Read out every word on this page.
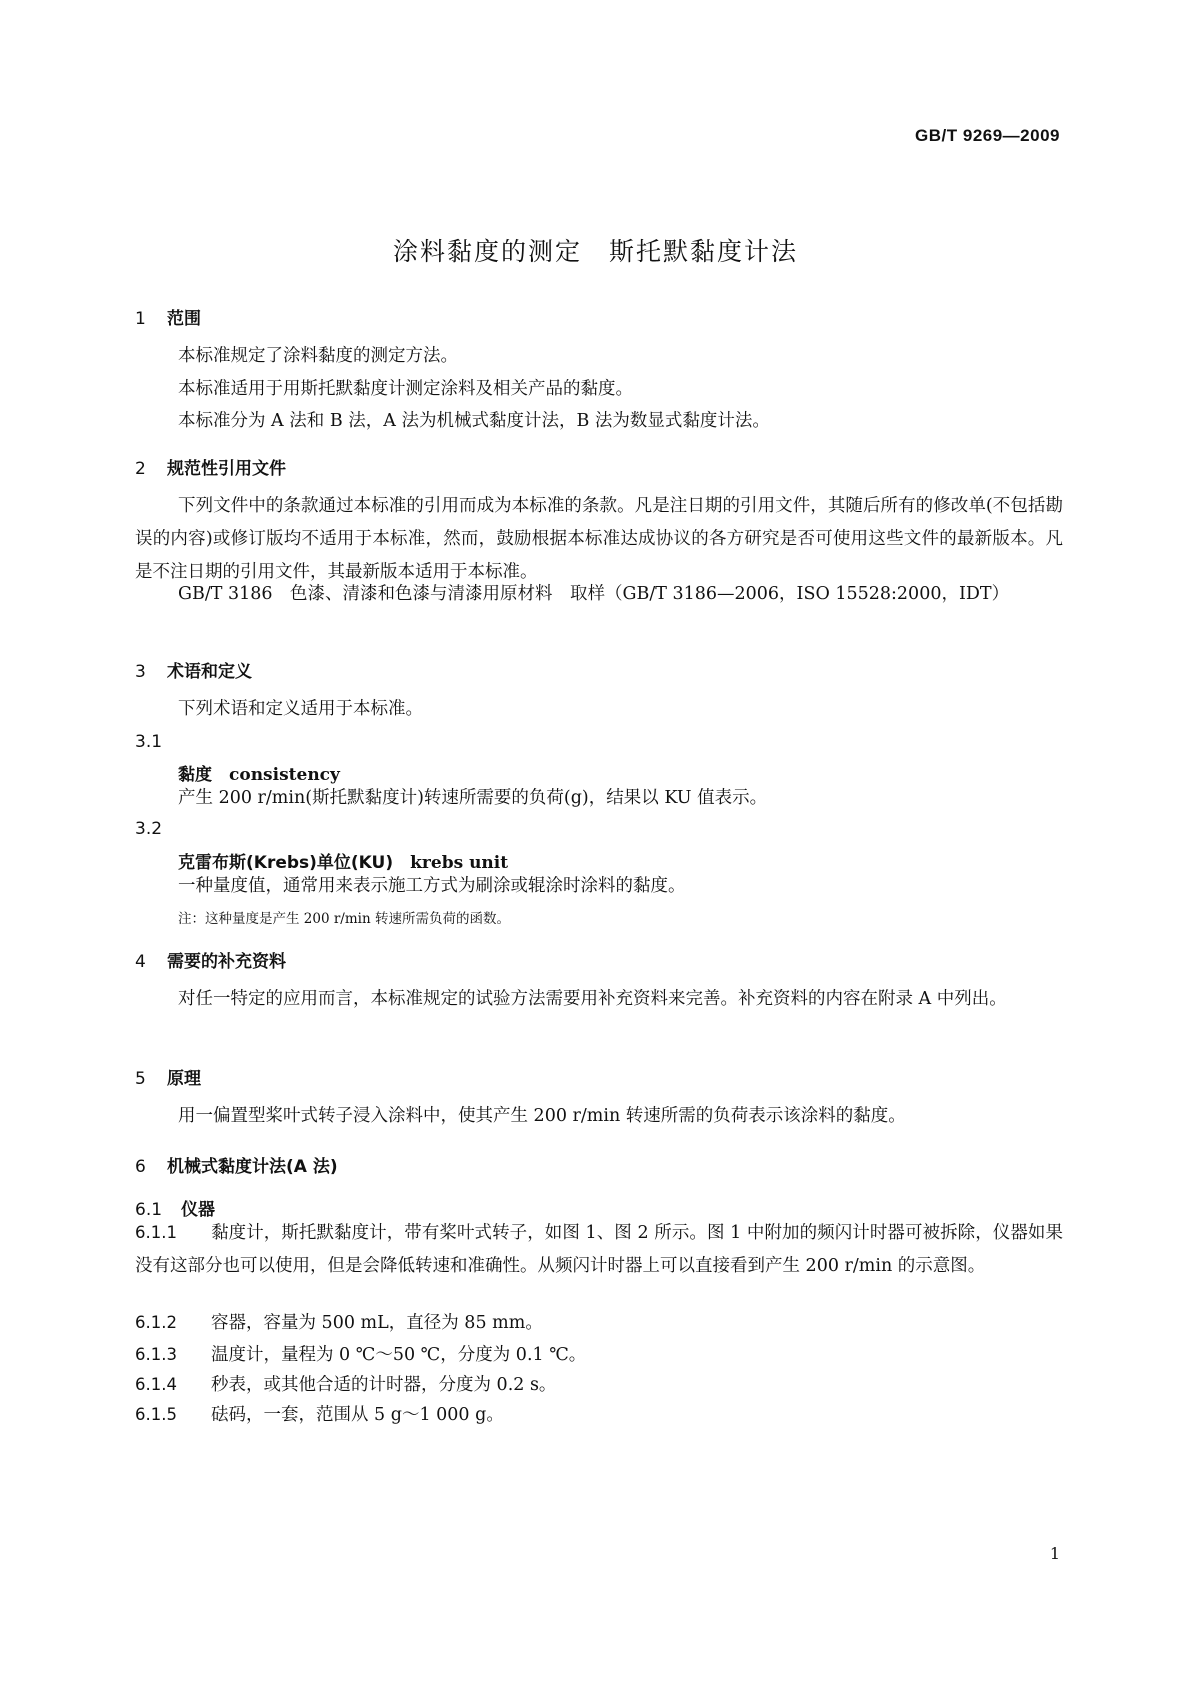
GB/T 9269—2009
涂料黏度的测定　斯托默黏度计法
1 范围
本标准规定了涂料黏度的测定方法。
本标准适用于用斯托默黏度计测定涂料及相关产品的黏度。
本标准分为 A 法和 B 法，A 法为机械式黏度计法，B 法为数显式黏度计法。
2 规范性引用文件
下列文件中的条款通过本标准的引用而成为本标准的条款。凡是注日期的引用文件，其随后所有的修改单(不包括勘误的内容)或修订版均不适用于本标准，然而，鼓励根据本标准达成协议的各方研究是否可使用这些文件的最新版本。凡是不注日期的引用文件，其最新版本适用于本标准。
GB/T 3186　色漆、清漆和色漆与清漆用原材料　取样（GB/T 3186—2006，ISO 15528:2000，IDT）
3 术语和定义
下列术语和定义适用于本标准。
3.1
黏度　 consistency
产生 200 r/min(斯托默黏度计)转速所需要的负荷(g)，结果以 KU 值表示。
3.2
克雷布斯(Krebs)单位(KU)　 krebs unit
一种量度值，通常用来表示施工方式为刷涂或辊涂时涂料的黏度。
注：这种量度是产生 200 r/min 转速所需负荷的函数。
4 需要的补充资料
对任一特定的应用而言，本标准规定的试验方法需要用补充资料来完善。补充资料的内容在附录 A 中列出。
5 原理
用一偏置型桨叶式转子浸入涂料中，使其产生 200 r/min 转速所需的负荷表示该涂料的黏度。
6 机械式黏度计法(A 法)
6.1 仪器
6.1.1 黏度计，斯托默黏度计，带有桨叶式转子，如图 1、图 2 所示。图 1 中附加的频闪计时器可被拆除，仪器如果没有这部分也可以使用，但是会降低转速和准确性。从频闪计时器上可以直接看到产生 200 r/min 的示意图。
6.1.2 容器，容量为 500 mL，直径为 85 mm。
6.1.3 温度计，量程为 0 ℃～50 ℃，分度为 0.1 ℃。
6.1.4 秒表，或其他合适的计时器，分度为 0.2 s。
6.1.5 砝码，一套，范围从 5 g～1 000 g。
1
